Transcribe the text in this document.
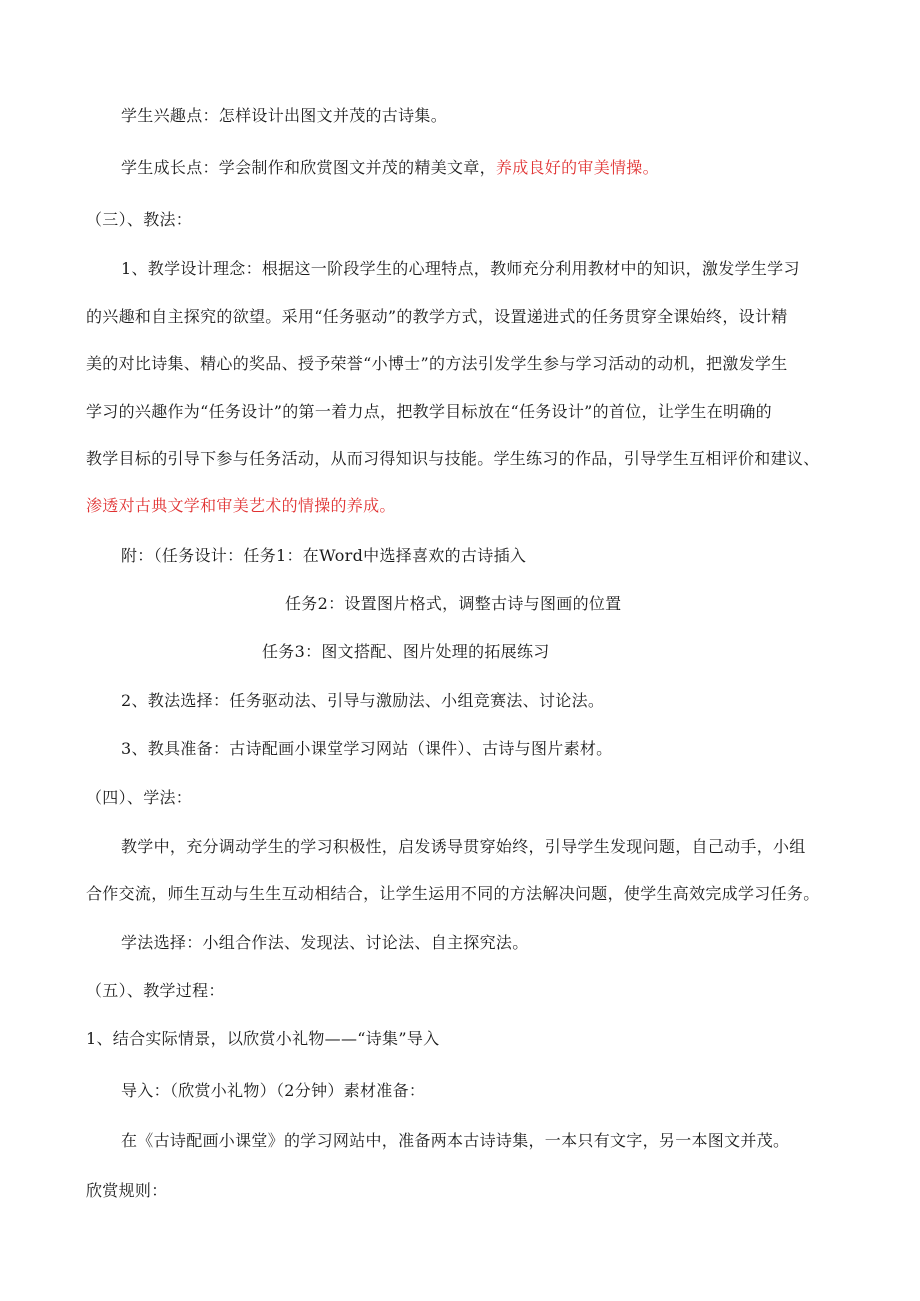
学生兴趣点：怎样设计出图文并茂的古诗集。
学生成长点：学会制作和欣赏图文并茂的精美文章，养成良好的审美情操。
（三）、教法：
1、教学设计理念：根据这一阶段学生的心理特点，教师充分利用教材中的知识，激发学生学习
的兴趣和自主探究的欲望。采用“任务驱动”的教学方式，设置递进式的任务贯穿全课始终，设计精
美的对比诗集、精心的奖品、授予荣誉“小博士”的方法引发学生参与学习活动的动机，把激发学生
学习的兴趣作为“任务设计”的第一着力点，把教学目标放在“任务设计”的首位，让学生在明确的
教学目标的引导下参与任务活动，从而习得知识与技能。学生练习的作品，引导学生互相评价和建议、
渗透对古典文学和审美艺术的情操的养成。
附：（任务设计：任务1：在Word中选择喜欢的古诗插入
任务2：设置图片格式，调整古诗与图画的位置
任务3：图文搭配、图片处理的拓展练习
2、教法选择：任务驱动法、引导与激励法、小组竞赛法、讨论法。
3、教具准备：古诗配画小课堂学习网站（课件）、古诗与图片素材。
（四）、学法：
教学中，充分调动学生的学习积极性，启发诱导贯穿始终，引导学生发现问题，自己动手，小组
合作交流，师生互动与生生互动相结合，让学生运用不同的方法解决问题，使学生高效完成学习任务。
学法选择：小组合作法、发现法、讨论法、自主探究法。
（五）、教学过程：
1、结合实际情景，以欣赏小礼物——“诗集”导入
导入：（欣赏小礼物）（2分钟）素材准备：
在《古诗配画小课堂》的学习网站中，准备两本古诗诗集，一本只有文字，另一本图文并茂。
欣赏规则：
